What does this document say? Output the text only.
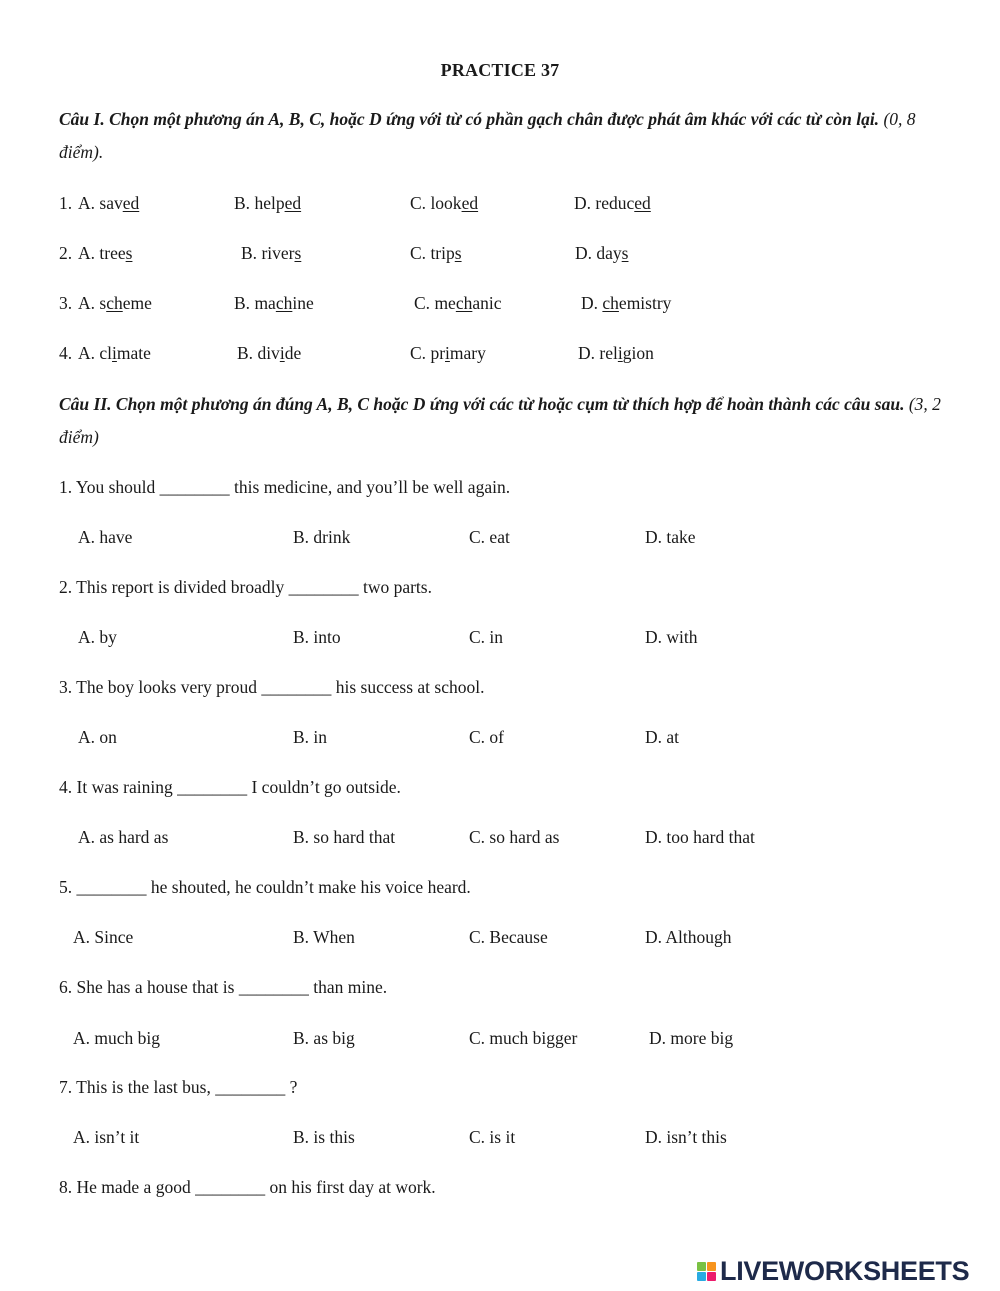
PRACTICE 37
Câu I. Chọn một phương án A, B, C, hoặc D ứng với từ có phần gạch chân được phát âm khác với các từ còn lại. (0, 8 điểm).
1. A. saved	B. helped	C. looked	D. reduced
2. A. trees	B. rivers	C. trips	D. days
3. A. scheme	B. machine	C. mechanic	D. chemistry
4. A. climate	B. divide	C. primary	D. religion
Câu II. Chọn một phương án đúng A, B, C hoặc D ứng với các từ hoặc cụm từ thích hợp để hoàn thành các câu sau. (3, 2 điểm)
1. You should ________ this medicine, and you’ll be well again.
A. have	B. drink	C. eat	D. take
2. This report is divided broadly ________ two parts.
A. by	B. into	C. in	D. with
3. The boy looks very proud ________ his success at school.
A. on	B. in	C. of	D. at
4. It was raining ________ I couldn’t go outside.
A. as hard as	B. so hard that	C. so hard as	D. too hard that
5. ________ he shouted, he couldn’t make his voice heard.
A. Since	B. When	C. Because	D. Although
6. She has a house that is ________ than mine.
A. much big	B. as big	C. much bigger	D. more big
7. This is the last bus, ________ ?
A. isn’t it	B. is this	C. is it	D. isn’t this
8. He made a good ________ on his first day at work.
LIVEWORKSHEETS
